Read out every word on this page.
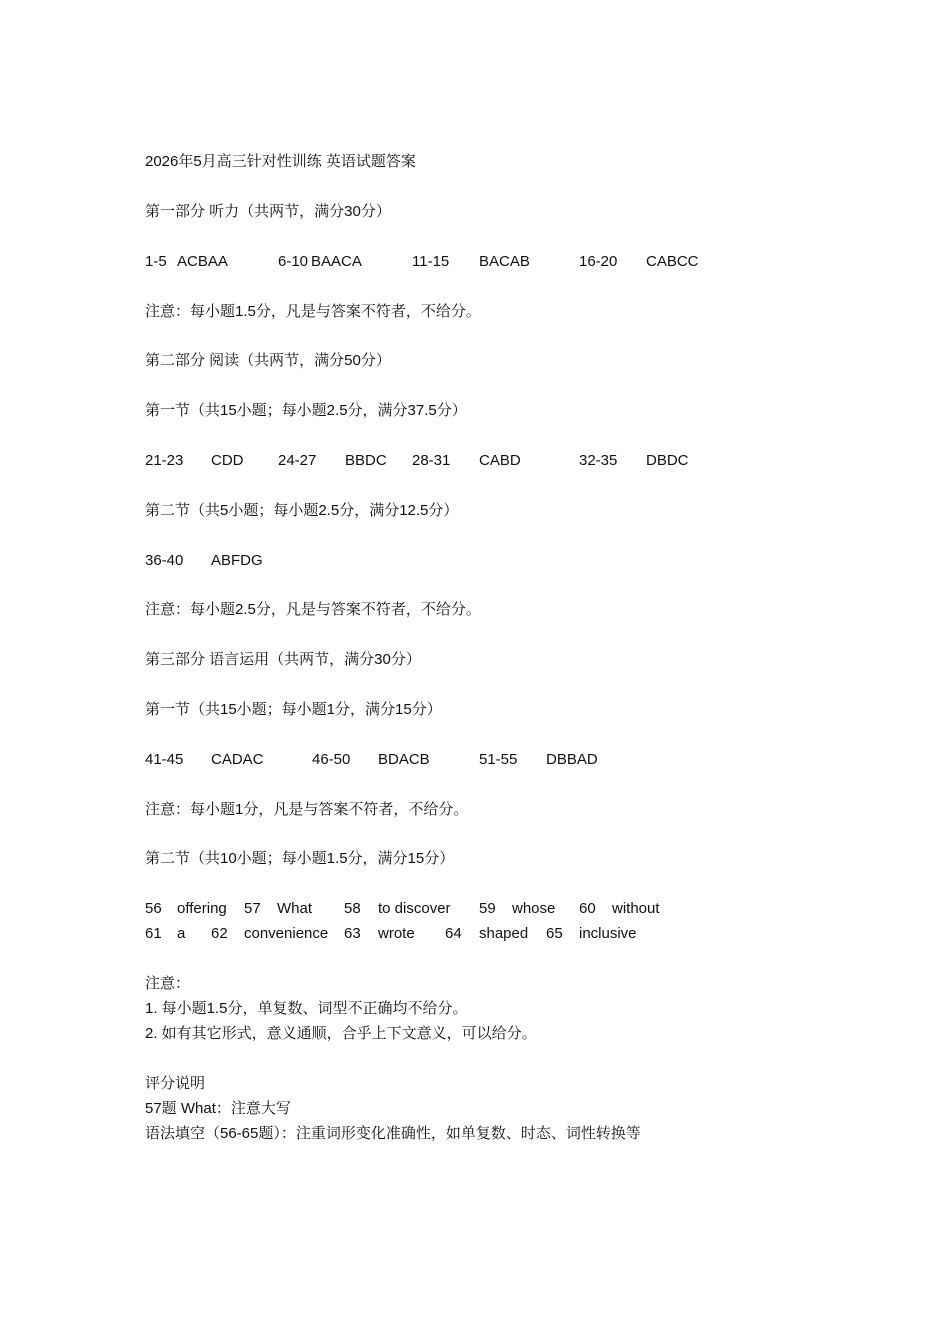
2026年5月高三针对性训练 英语试题答案
第一部分 听力（共两节，满分30分）
1-5 ACBAA	6-10 BAACA	11-15 BACAB	16-20 CABCC
注意：每小题1.5分，凡是与答案不符者，不给分。
第二部分 阅读（共两节，满分50分）
第一节（共15小题；每小题2.5分，满分37.5分）
21-23 CDD 24-27 BBDC 28-31 CABD	32-35 DBDC
第二节（共5小题；每小题2.5分，满分12.5分）
36-40 ABFDG
注意：每小题2.5分，凡是与答案不符者，不给分。
第三部分 语言运用（共两节，满分30分）
第一节（共15小题；每小题1分，满分15分）
41-45 CADAC	46-50 BDACB	51-55 DBBAD
注意：每小题1分，凡是与答案不符者，不给分。
第二节（共10小题；每小题1.5分，满分15分）
56 offering 57 What 58 to discover 59 whose 60 without
61 a 62 convenience 63 wrote 64 shaped 65 inclusive
注意：
1. 每小题1.5分，单复数、词型不正确均不给分。
2. 如有其它形式，意义通顺，合乎上下文意义，可以给分。
评分说明
57题 What：注意大写
语法填空（56-65题）：注重词形变化准确性，如单复数、时态、词性转换等
